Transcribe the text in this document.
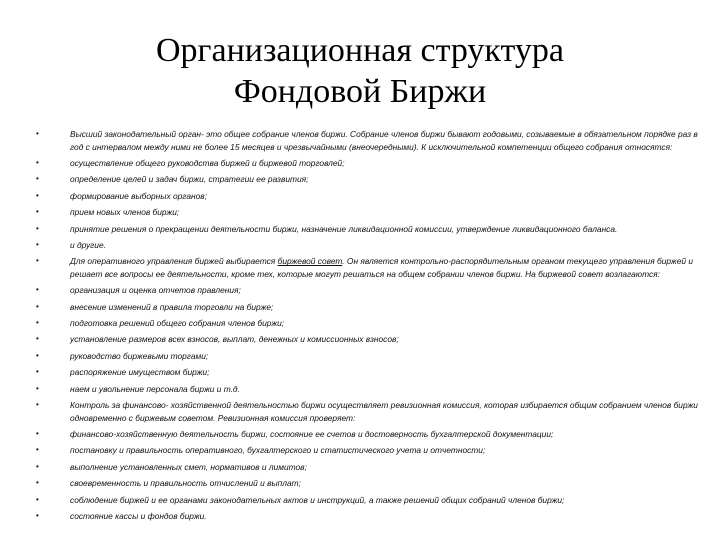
Организационная структура
Фондовой Биржи
•	Высший законодательный орган- это общее собрание членов биржи. Собрание членов биржи бывают годовыми, созываемые в обязательном порядке раз в год с интервалом между ними не более 15 месяцев и чрезвычайными (внеочередными). К исключительной компетенции общего собрания относятся:
•	осуществление общего руководства биржей и биржевой торговлей;
•	определение целей и задач биржи, стратегии ее развития;
•	формирование выборных органов;
•	прием новых членов биржи;
•	принятие решения о прекращении деятельности биржи, назначение ликвидационной комиссии, утверждение ликвидационного баланса.
•	и другие.
•	Для оперативного управления биржей выбирается биржевой совет. Он является контрольно-распорядительным органом текущего управления биржей и решает все вопросы ее деятельности, кроме тех, которые могут решаться на общем собрании членов биржи. На биржевой совет возлагаются:
•	организация и оценка отчетов правления;
•	внесение изменений в правила торговли на бирже;
•	подготовка решений общего собрания членов биржи;
•	установление размеров всех взносов, выплат, денежных и комиссионных взносов;
•	руководство биржевыми торгами;
•	распоряжение имуществом биржи;
•	наем и увольнение персонала биржи и т.д.
•	Контроль за финансово- хозяйственной деятельностью биржи осуществляет ревизионная комиссия, которая избирается общим собранием членов биржи одновременно с биржевым советом. Ревизионная комиссия проверяет:
•	финансово-хозяйственную деятельность биржи, состояние ее счетов и достоверность бухгалтерской документации;
•	постановку и правильность оперативного, бухгалтерского и статистического учета и отчетности;
•	выполнение установленных смет, нормативов и лимитов;
•	своевременность и правильность отчислений и выплат;
•	соблюдение биржей и ее органами законодательных актов и инструкций, а также решений общих собраний членов биржи;
•	состояние кассы и фондов биржи.
